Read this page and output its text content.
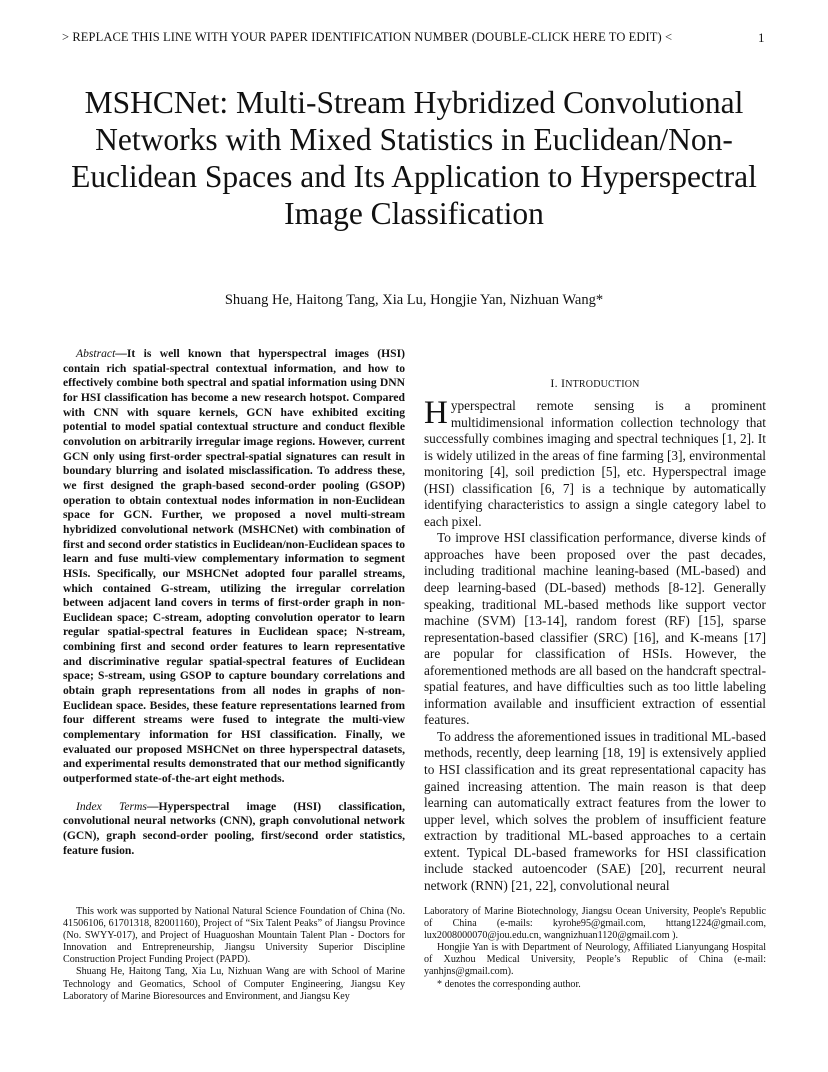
> REPLACE THIS LINE WITH YOUR PAPER IDENTIFICATION NUMBER (DOUBLE-CLICK HERE TO EDIT) <	1
MSHCNet: Multi-Stream Hybridized Convolutional Networks with Mixed Statistics in Euclidean/Non-Euclidean Spaces and Its Application to Hyperspectral Image Classification
Shuang He, Haitong Tang, Xia Lu, Hongjie Yan, Nizhuan Wang*

Abstract—It is well known that hyperspectral images (HSI) contain rich spatial-spectral contextual information, and how to effectively combine both spectral and spatial information using DNN for HSI classification has become a new research hotspot. Compared with CNN with square kernels, GCN have exhibited exciting potential to model spatial contextual structure and conduct flexible convolution on arbitrarily irregular image regions. However, current GCN only using first-order spectral-spatial signatures can result in boundary blurring and isolated misclassification. To address these, we first designed the graph-based second-order pooling (GSOP) operation to obtain contextual nodes information in non-Euclidean space for GCN. Further, we proposed a novel multi-stream hybridized convolutional network (MSHCNet) with combination of first and second order statistics in Euclidean/non-Euclidean spaces to learn and fuse multi-view complementary information to segment HSIs. Specifically, our MSHCNet adopted four parallel streams, which contained G-stream, utilizing the irregular correlation between adjacent land covers in terms of first-order graph in non-Euclidean space; C-stream, adopting convolution operator to learn regular spatial-spectral features in Euclidean space; N-stream, combining first and second order features to learn representative and discriminative regular spatial-spectral features of Euclidean space; S-stream, using GSOP to capture boundary correlations and obtain graph representations from all nodes in graphs of non-Euclidean space. Besides, these feature representations learned from four different streams were fused to integrate the multi-view complementary information for HSI classification. Finally, we evaluated our proposed MSHCNet on three hyperspectral datasets, and experimental results demonstrated that our method significantly outperformed state-of-the-art eight methods.

Index Terms—Hyperspectral image (HSI) classification, convolutional neural networks (CNN), graph convolutional network (GCN), graph second-order pooling, first/second order statistics, feature fusion.

I. INTRODUCTION

Hyperspectral remote sensing is a prominent multidimensional information collection technology that successfully combines imaging and spectral techniques [1, 2]. It is widely utilized in the areas of fine farming [3], environmental monitoring [4], soil prediction [5], etc. Hyperspectral image (HSI) classification [6, 7] is a technique by automatically identifying characteristics to assign a single category label to each pixel.

To improve HSI classification performance, diverse kinds of approaches have been proposed over the past decades, including traditional machine leaning-based (ML-based) and deep learning-based (DL-based) methods [8-12]. Generally speaking, traditional ML-based methods like support vector machine (SVM) [13-14], random forest (RF) [15], sparse representation-based classifier (SRC) [16], and K-means [17] are popular for classification of HSIs. However, the aforementioned methods are all based on the handcraft spectral-spatial features, and have difficulties such as too little labeling information available and insufficient extraction of essential features.

To address the aforementioned issues in traditional ML-based methods, recently, deep learning [18, 19] is extensively applied to HSI classification and its great representational capacity has gained increasing attention. The main reason is that deep learning can automatically extract features from the lower to upper level, which solves the problem of insufficient feature extraction by traditional ML-based approaches to a certain extent. Typical DL-based frameworks for HSI classification include stacked autoencoder (SAE) [20], recurrent neural network (RNN) [21, 22], convolutional neural

This work was supported by National Natural Science Foundation of China (No. 41506106, 61701318, 82001160), Project of “Six Talent Peaks” of Jiangsu Province (No. SWYY-017), and Project of Huaguoshan Mountain Talent Plan - Doctors for Innovation and Entrepreneurship, Jiangsu University Superior Discipline Construction Project Funding Project (PAPD).

Shuang He, Haitong Tang, Xia Lu, Nizhuan Wang are with School of Marine Technology and Geomatics, School of Computer Engineering, Jiangsu Key Laboratory of Marine Bioresources and Environment, and Jiangsu Key

Laboratory of Marine Biotechnology, Jiangsu Ocean University, People's Republic of China (e-mails: kyrohe95@gmail.com, httang1224@gmail.com, lux2008000070@jou.edu.cn, wangnizhuan1120@gmail.com ).

Hongjie Yan is with Department of Neurology, Affiliated Lianyungang Hospital of Xuzhou Medical University, People’s Republic of China (e-mail: yanhjns@gmail.com).

* denotes the corresponding author.
